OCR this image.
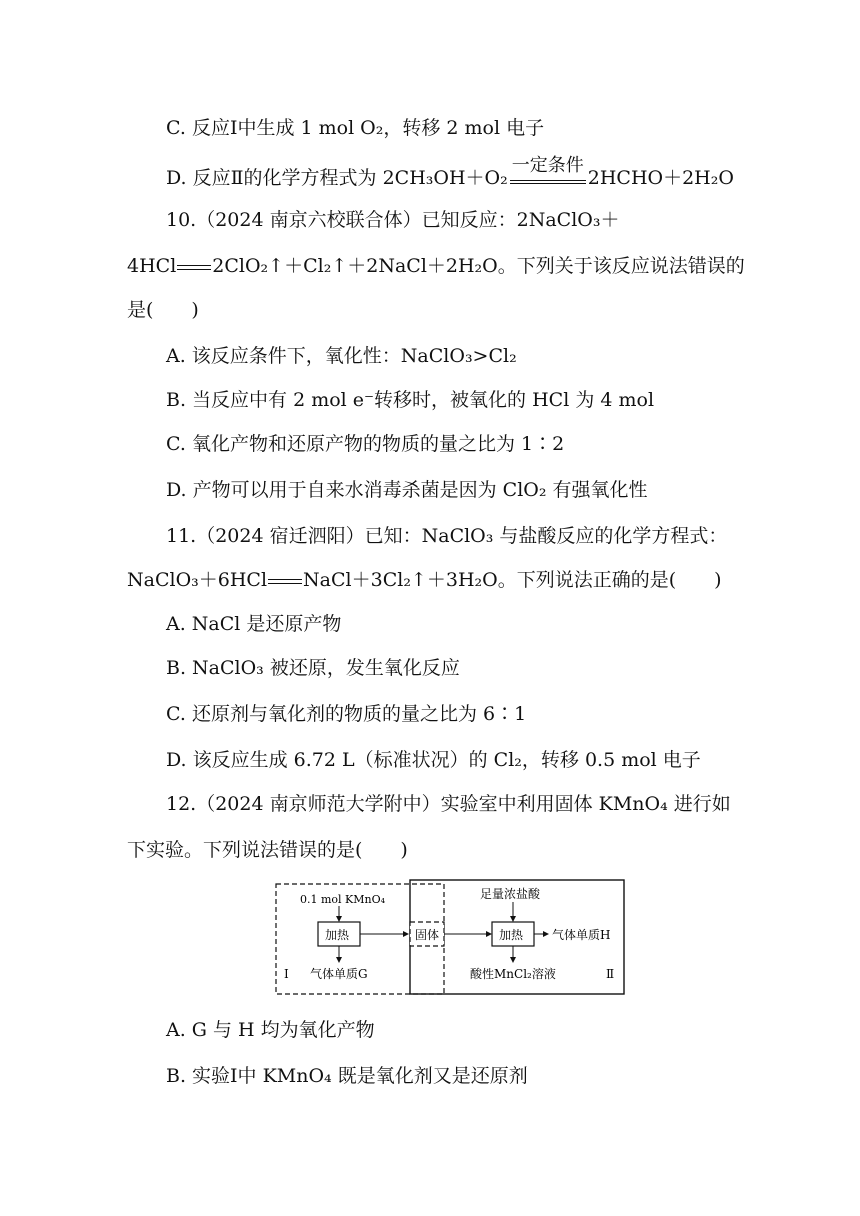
C. 反应Ⅰ中生成 1 mol O₂，转移 2 mol 电子
D. 反应Ⅱ的化学方程式为 2CH₃OH＋O₂
一定条件
2HCHO＋2H₂O
10.（2024 南京六校联合体）已知反应：2NaClO₃＋
4HCl 2ClO₂↑＋Cl₂↑＋2NaCl＋2H₂O。下列关于该反应说法错误的
是(　　)
A. 该反应条件下，氧化性：NaClO₃>Cl₂
B. 当反应中有 2 mol e⁻转移时，被氧化的 HCl 为 4 mol
C. 氧化产物和还原产物的物质的量之比为 1∶2
D. 产物可以用于自来水消毒杀菌是因为 ClO₂ 有强氧化性
11.（2024 宿迁泗阳）已知：NaClO₃ 与盐酸反应的化学方程式：
NaClO₃＋6HCl NaCl＋3Cl₂↑＋3H₂O。下列说法正确的是(　　)
A. NaCl 是还原产物
B. NaClO₃ 被还原，发生氧化反应
C. 还原剂与氧化剂的物质的量之比为 6∶1
D. 该反应生成 6.72 L（标准状况）的 Cl₂，转移 0.5 mol 电子
12.（2024 南京师范大学附中）实验室中利用固体 KMnO₄ 进行如
下实验。下列说法错误的是(　　)
0.1 mol KMnO₄
加热
气体单质G
Ⅰ
固体
足量浓盐酸
加热 气体单质H
酸性MnCl₂溶液	Ⅱ
A. G 与 H 均为氧化产物
B. 实验Ⅰ中 KMnO₄ 既是氧化剂又是还原剂
